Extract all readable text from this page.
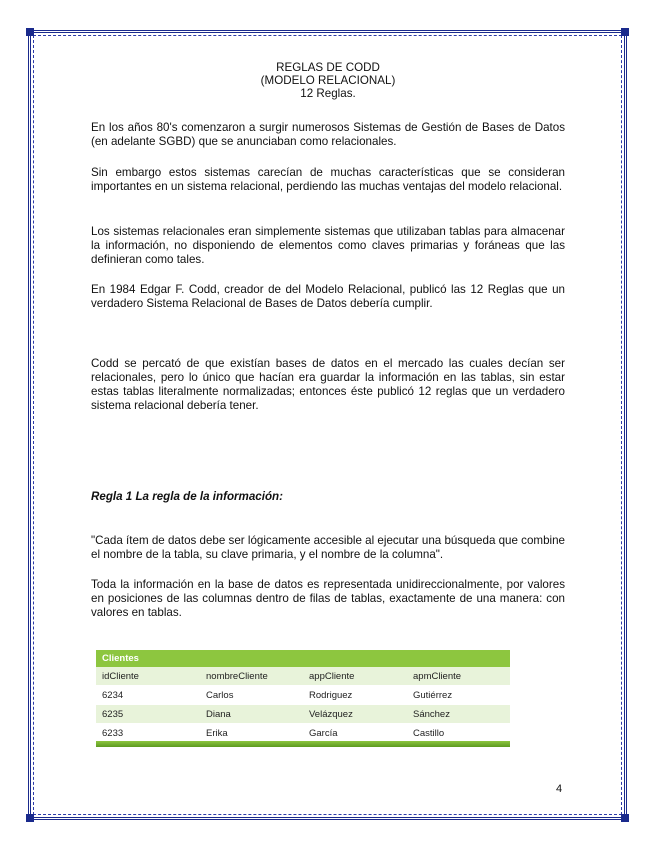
REGLAS DE CODD
(MODELO RELACIONAL)
12 Reglas.

En los años 80's comenzaron a surgir numerosos Sistemas de Gestión de Bases de Datos (en adelante SGBD) que se anunciaban como relacionales.

Sin embargo estos sistemas carecían de muchas características que se consideran importantes en un sistema relacional, perdiendo las muchas ventajas del modelo relacional.

Los sistemas relacionales eran simplemente sistemas que utilizaban tablas para almacenar la información, no disponiendo de elementos como claves primarias y foráneas que las definieran como tales.

En 1984 Edgar F. Codd, creador de del Modelo Relacional, publicó las 12 Reglas que un verdadero Sistema Relacional de Bases de Datos debería cumplir.

Codd se percató de que existían bases de datos en el mercado las cuales decían ser relacionales, pero lo único que hacían era guardar la información en las tablas, sin estar estas tablas literalmente normalizadas; entonces éste publicó 12 reglas que un verdadero sistema relacional debería tener.

Regla 1 La regla de la información:

"Cada ítem de datos debe ser lógicamente accesible al ejecutar una búsqueda que combine el nombre de la tabla, su clave primaria, y el nombre de la columna".

Toda la información en la base de datos es representada unidireccionalmente, por valores en posiciones de las columnas dentro de filas de tablas, exactamente de una manera: con valores en tablas.

Clientes
idCliente	nombreCliente	appCliente	apmCliente
6234	Carlos	Rodriguez	Gutiérrez
6235	Diana	Velázquez	Sánchez
6233	Erika	García	Castillo
4
